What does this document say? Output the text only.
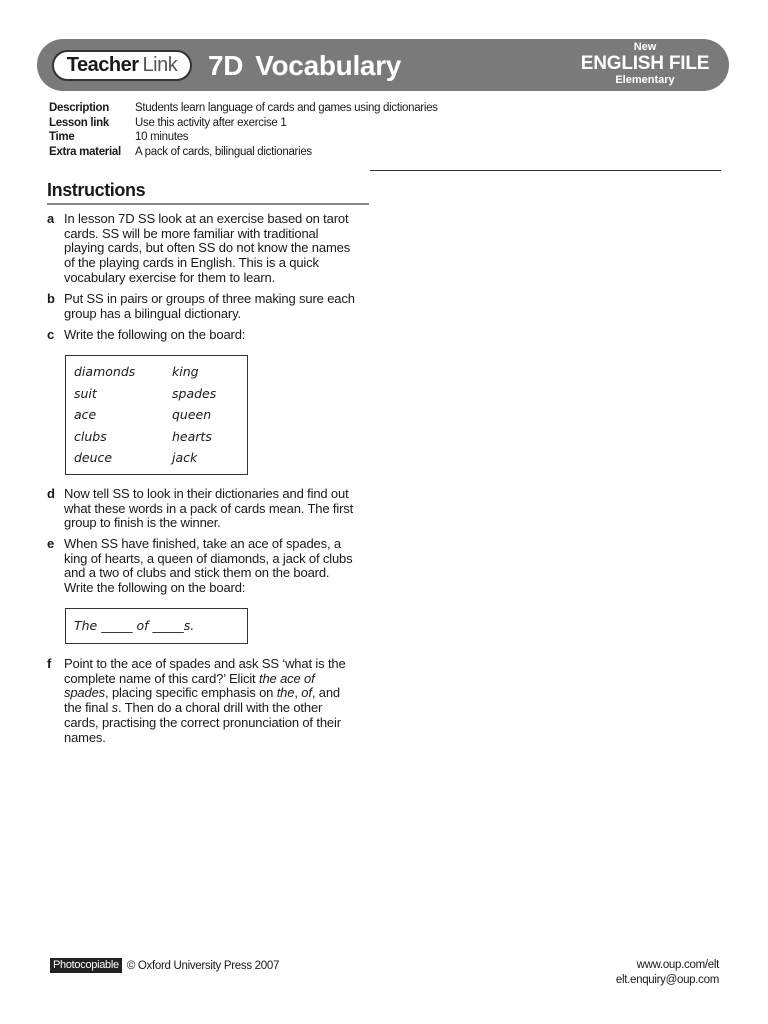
Teacher Link 7D Vocabulary
New
ENGLISH FILE
Elementary
Description	Students learn language of cards and games using dictionaries
Lesson link	Use this activity after exercise 1
Time	10 minutes
Extra material	A pack of cards, bilingual dictionaries
Instructions
a In lesson 7D SS look at an exercise based on tarot
cards. SS will be more familiar with traditional
playing cards, but often SS do not know the names
of the playing cards in English. This is a quick
vocabulary exercise for them to learn.
b Put SS in pairs or groups of three making sure each
group has a bilingual dictionary.
c Write the following on the board:
diamonds	king
suit	spades
ace	queen
clubs	hearts
deuce	jack
d Now tell SS to look in their dictionaries and find out
what these words in a pack of cards mean. The first
group to finish is the winner.
e When SS have finished, take an ace of spades, a
king of hearts, a queen of diamonds, a jack of clubs
and a two of clubs and stick them on the board.
Write the following on the board:
The _____ of _____s.
f Point to the ace of spades and ask SS ‘what is the
complete name of this card?’ Elicit the ace of
spades, placing specific emphasis on the, of, and
the final s. Then do a choral drill with the other
cards, practising the correct pronunciation of their
names.
Photocopiable © Oxford University Press 2007	www.oup.com/elt
elt.enquiry@oup.com
